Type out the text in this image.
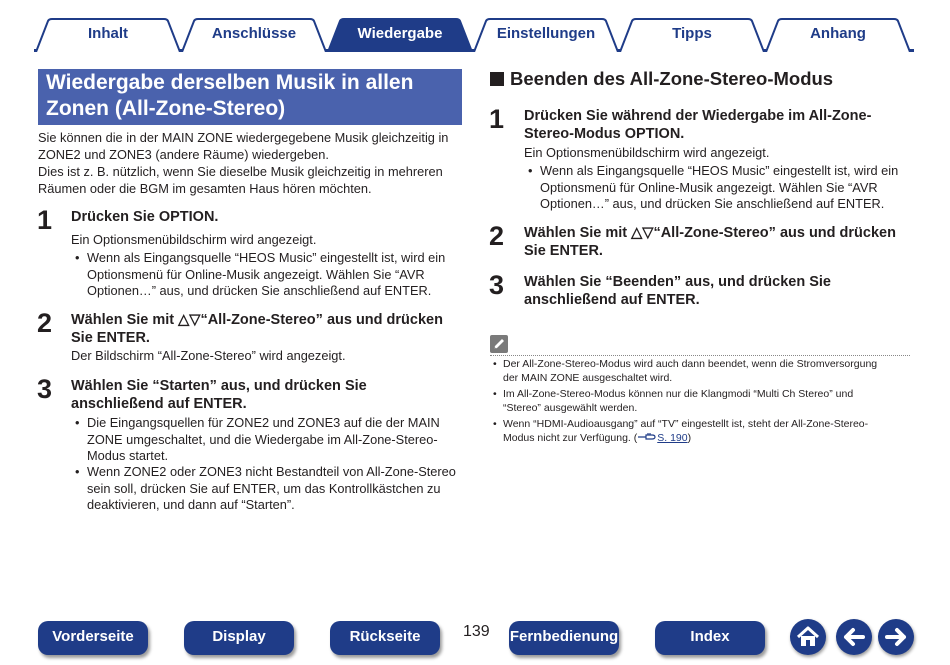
Inhalt	Anschlüsse	Wiedergabe	Einstellungen	Tipps	Anhang
Wiedergabe derselben Musik in allen
Zonen (All-Zone-Stereo)
Sie können die in der MAIN ZONE wiedergegebene Musik gleichzeitig in
ZONE2 und ZONE3 (andere Räume) wiedergeben.
Dies ist z. B. nützlich, wenn Sie dieselbe Musik gleichzeitig in mehreren
Räumen oder die BGM im gesamten Haus hören möchten.
1 Drücken Sie OPTION.
Ein Optionsmenübildschirm wird angezeigt.
• Wenn als Eingangsquelle “HEOS Music” eingestellt ist, wird ein
Optionsmenü für Online-Musik angezeigt. Wählen Sie “AVR
Optionen…” aus, und drücken Sie anschließend auf ENTER.
2 Wählen Sie mit △▽“All-Zone-Stereo” aus und drücken
Sie ENTER.
Der Bildschirm “All-Zone-Stereo” wird angezeigt.
3 Wählen Sie “Starten” aus, und drücken Sie
anschließend auf ENTER.
• Die Eingangsquellen für ZONE2 und ZONE3 auf die der MAIN
ZONE umgeschaltet, und die Wiedergabe im All-Zone-Stereo-
Modus startet.
• Wenn ZONE2 oder ZONE3 nicht Bestandteil von All-Zone-Stereo
sein soll, drücken Sie auf ENTER, um das Kontrollkästchen zu
deaktivieren, und dann auf “Starten”.
Beenden des All-Zone-Stereo-Modus
1 Drücken Sie während der Wiedergabe im All-Zone-
Stereo-Modus OPTION.
Ein Optionsmenübildschirm wird angezeigt.
• Wenn als Eingangsquelle “HEOS Music” eingestellt ist, wird ein
Optionsmenü für Online-Musik angezeigt. Wählen Sie “AVR
Optionen…” aus, und drücken Sie anschließend auf ENTER.
2 Wählen Sie mit △▽“All-Zone-Stereo” aus und drücken
Sie ENTER.
3 Wählen Sie “Beenden” aus, und drücken Sie
anschließend auf ENTER.
• Der All-Zone-Stereo-Modus wird auch dann beendet, wenn die Stromversorgung
der MAIN ZONE ausgeschaltet wird.
• Im All-Zone-Stereo-Modus können nur die Klangmodi “Multi Ch Stereo” und
“Stereo” ausgewählt werden.
• Wenn “HDMI-Audioausgang” auf “TV” eingestellt ist, steht der All-Zone-Stereo-
Modus nicht zur Verfügung. ( S. 190)
Vorderseite	Display	Rückseite	139 Fernbedienung	Index
